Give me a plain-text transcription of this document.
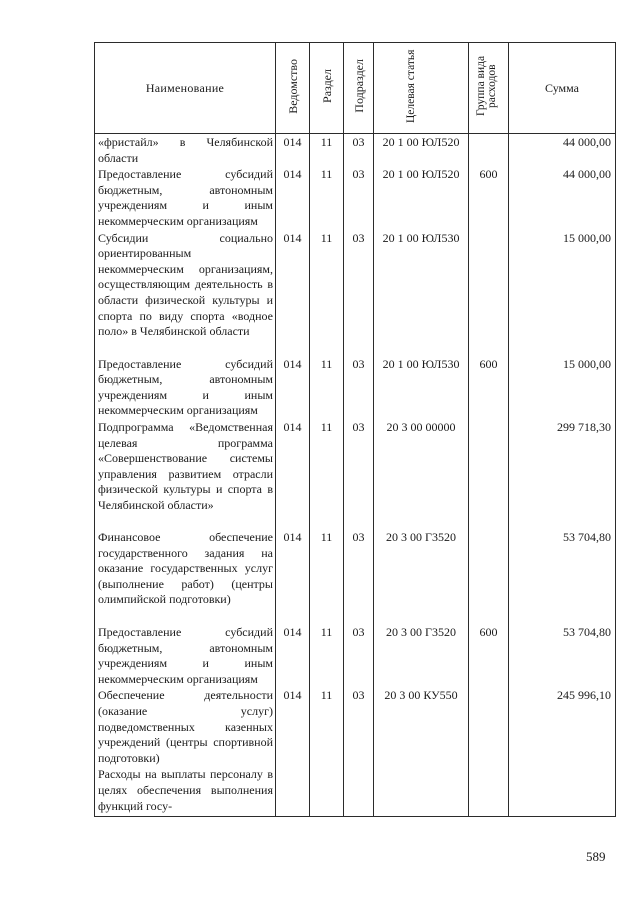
Наименование	Ведомство	Раздел	Подраздел	Целевая статья	Группа вида расходов	Сумма
«фристайл» в Челябинской области	014	11	03	20 1 00 ЮЛ520		44 000,00
Предоставление субсидий бюджетным, автономным учреждениям и иным некоммерческим организациям	014	11	03	20 1 00 ЮЛ520	600	44 000,00
Субсидии социально ориентированным некоммерческим организациям, осуществляющим деятельность в области физической культуры и спорта по виду спорта «водное поло» в Челябинской области	014	11	03	20 1 00 ЮЛ530		15 000,00
Предоставление субсидий бюджетным, автономным учреждениям и иным некоммерческим организациям	014	11	03	20 1 00 ЮЛ530	600	15 000,00
Подпрограмма «Ведомственная целевая программа «Совершенствование системы управления развитием отрасли физической культуры и спорта в Челябинской области»	014	11	03	20 3 00 00000		299 718,30
Финансовое обеспечение государственного задания на оказание государственных услуг (выполнение работ) (центры олимпийской подготовки)	014	11	03	20 3 00 Г3520		53 704,80
Предоставление субсидий бюджетным, автономным учреждениям и иным некоммерческим организациям	014	11	03	20 3 00 Г3520	600	53 704,80
Обеспечение деятельности (оказание услуг) подведомственных казенных учреждений (центры спортивной подготовки)	014	11	03	20 3 00 КУ550		245 996,10
Расходы на выплаты персоналу в целях обеспечения выполнения функций госу-						
589
